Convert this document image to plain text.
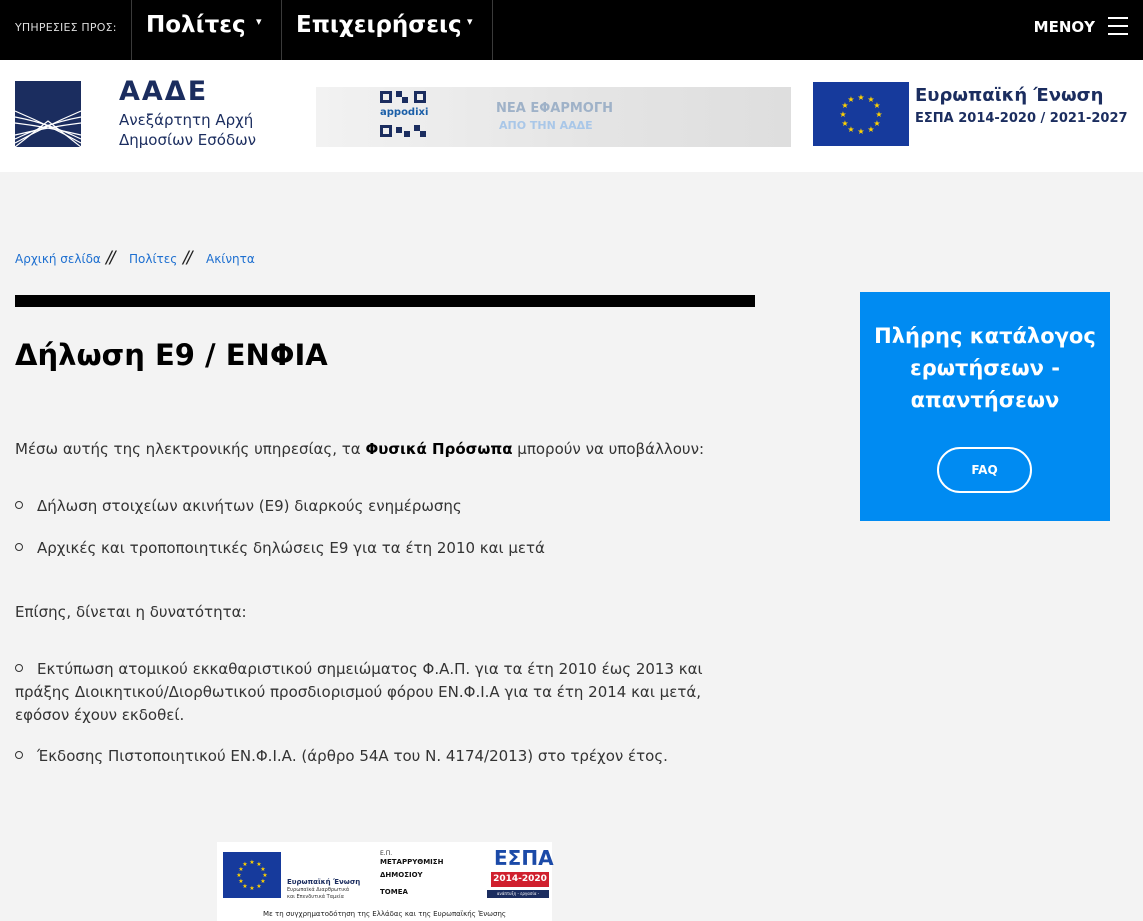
ΥΠΗΡΕΣΙΕΣ ΠΡΟΣ: Πολίτες ▾ Επιχειρήσεις ▾	ΜΕΝΟΥ
ΑΑΔΕ
Ανεξάρτητη Αρχή
Δημοσίων Εσόδων
appodixi	ΝΕΑ ΕΦΑΡΜΟΓΗ
ΑΠΟ ΤΗΝ ΑΑΔΕ
★ ★
★
★
★
★
★
★
★
★
★
★	Ευρωπαϊκή Ένωση
ΕΣΠΑ 2014-2020 / 2021-2027
Αρχική σελίδα // Πολίτες // Ακίνητα
Δήλωση Ε9 / ΕΝΦΙΑ

Μέσω αυτής της ηλεκτρονικής υπηρεσίας, τα Φυσικά Πρόσωπα μπορούν να υποβάλλουν:

Δήλωση στοιχείων ακινήτων (Ε9) διαρκούς ενημέρωσης
Αρχικές και τροποποιητικές δηλώσεις Ε9 για τα έτη 2010 και μετά

Επίσης, δίνεται η δυνατότητα:

Εκτύπωση ατομικού εκκαθαριστικού σημειώματος Φ.Α.Π. για τα έτη 2010 έως 2013 και πράξης Διοικητικού/Διορθωτικού προσδιορισμού φόρου ΕΝ.Φ.Ι.Α για τα έτη 2014 και μετά, εφόσον έχουν εκδοθεί.
Έκδοσης Πιστοποιητικού ΕΝ.Φ.Ι.Α. (άρθρο 54Α του Ν. 4174/2013) στο τρέχον έτος.
Πλήρης κατάλογος ερωτήσεων - απαντήσεων
FAQ
★ ★
★
★
★
★
★
★
★
★
★
★
Ευρωπαϊκή Ένωση
Ευρωπαϊκά Διαρθρωτικά
και Επενδυτικά Ταμεία
Ε.Π.
ΜΕΤΑΡΡΥΘΜΙΣΗ
ΔΗΜΟΣΙΟΥ
ΤΟΜΕΑ
ΕΣΠΑ
2014-2020
ανάπτυξη - εργασία - αλληλεγγύη
Με τη συγχρηματοδότηση της Ελλάδας και της Ευρωπαϊκής Ένωσης
